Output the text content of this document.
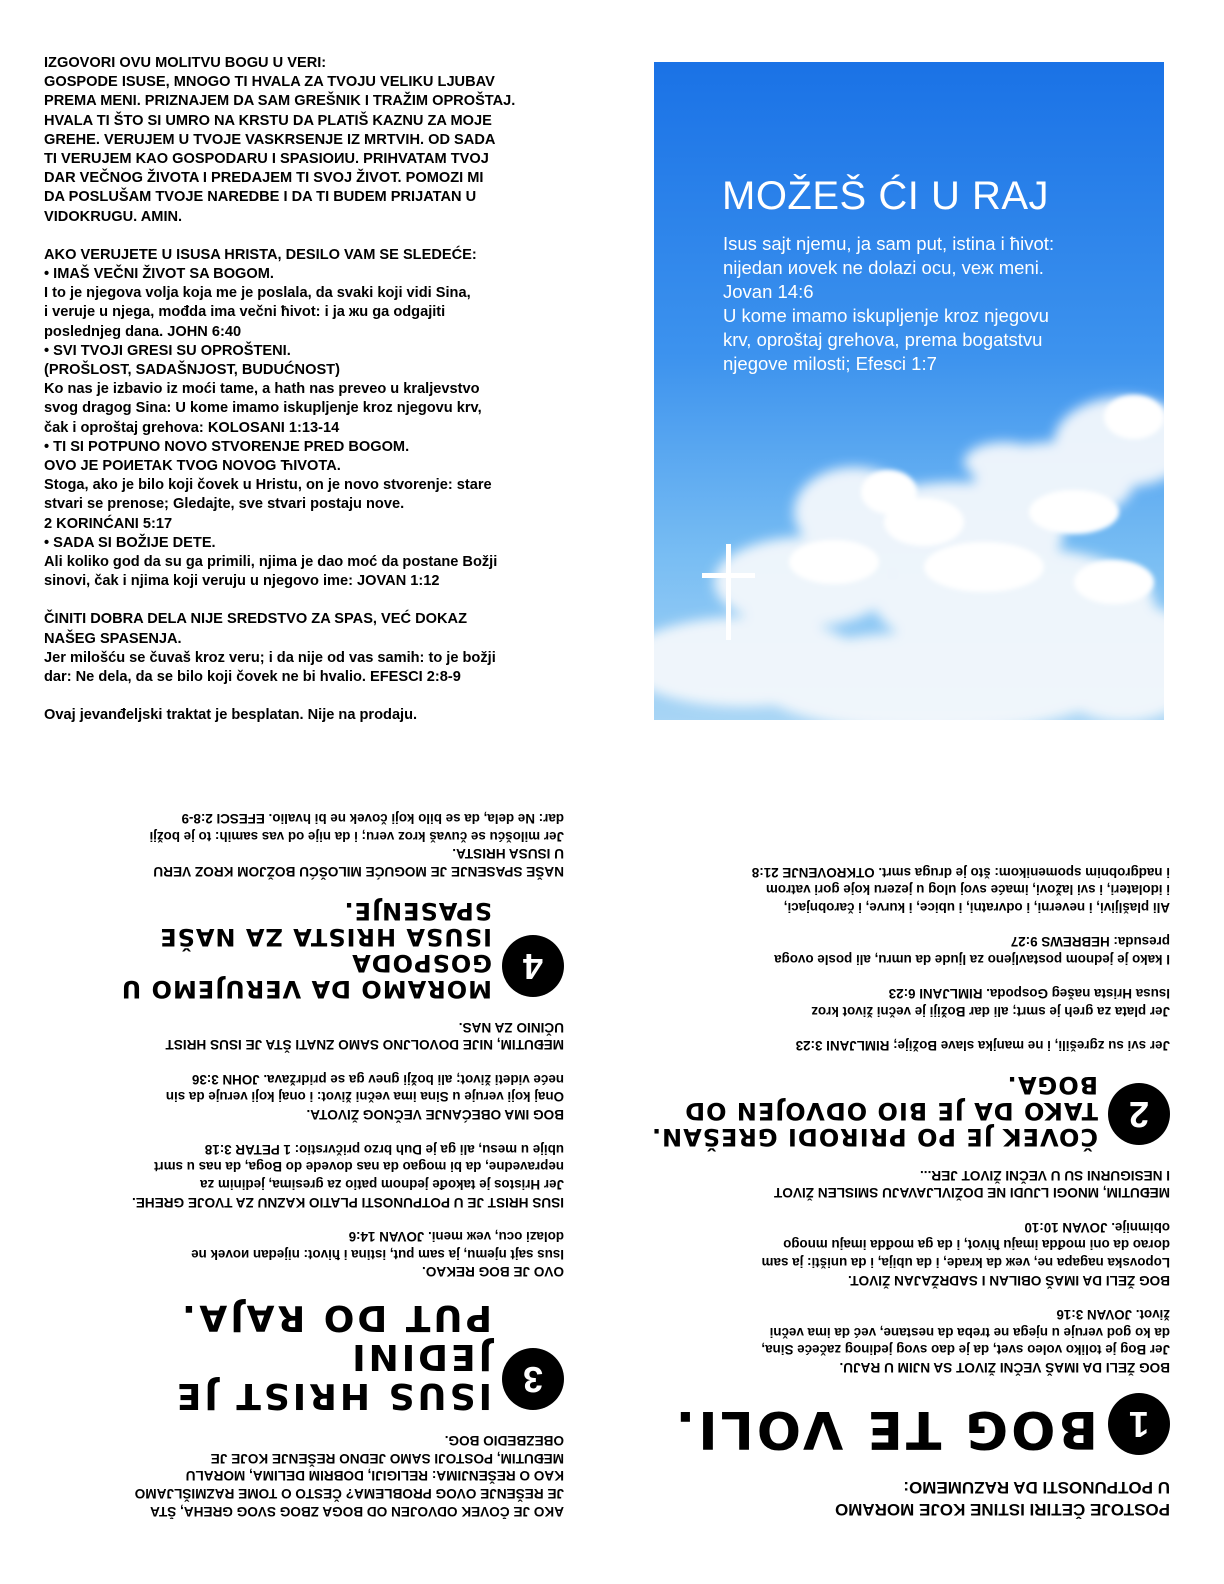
IZGOVORI OVU MOLITVU BOGU U VERI:

GOSPODE ISUSE, MNOGO TI HVALA ZA TVOJU VELIKU LJUBAV

PREMA MENI. PRIZNAJEM DA SAM GREŠNIK I TRAŽIM OPROŠTAJ.

HVALA TI ŠTO SI UMRO NA KRSTU DA PLATIŠ KAZNU ZA MOJE

GREHE. VERUJEM U TVOJE VASKRSENJE IZ MRTVIH. OD SADA

TI VERUJEM KAO GOSPODARU I SPASIOИU. PRIHVATAM TVOJ

DAR VEČNOG ŽIVOTA I PREDAJEM TI SVOJ ŽIVOT. POMOZI MI

DA POSLUŠAM TVOJE NAREDBE I DA TI BUDEM PRIJATAN U

VIDOKRUGU. AMIN.

AKO VERUJETE U ISUSA HRISTA, DESILO VAM SE SLEDEĆE:

• IMAŠ VEČNI ŽIVOT SA BOGOM.

I to je njegova volja koja me je poslala, da svaki koji vidi Sina,

i veruje u njega, mođda ima večni ћivot: i ja жu ga odgajiti

poslednjeg dana. JOHN 6:40

• SVI TVOJI GRESI SU OPROŠTENI.

(PROŠLOST, SADAŠNJOST, BUDUĆNOST)

Ko nas je izbavio iz moći tame, a hath nas preveo u kraljevstvo

svog dragog Sina: U kome imamo iskupljenje kroz njegovu krv,

čak i oproštaj grehova: KOLOSANI 1:13-14

• TI SI POTPUNO NOVO STVORENJE PRED BOGOM.

OVO JE POИETAK TVOG NOVOG ЋIVOTA.

Stoga, ako je bilo koji čovek u Hristu, on je novo stvorenje: stare

stvari se prenose; Gledajte, sve stvari postaju nove.

2 KORINĆANI 5:17

• SADA SI BOŽIJE DETE.

Ali koliko god da su ga primili, njima je dao moć da postane Božji

sinovi, čak i njima koji veruju u njegovo ime: JOVAN 1:12

ČINITI DOBRA DELA NIJE SREDSTVO ZA SPAS, VEĆ DOKAZ

NAŠEG SPASENJA.

Jer milošću se čuvaš kroz veru; i da nije od vas samih: to je božji

dar: Ne dela, da se bilo koji čovek ne bi hvalio. EFESCI 2:8-9

Ovaj jevanđeljski traktat je besplatan. Nije na prodaju.

MOŽEŠ ĆI U RAJ
Isus sajt njemu, ja sam put, istina i ћivot:
nijedan иovek ne dolazi ocu, veж meni.
Jovan 14:6
U kome imamo iskupljenje kroz njegovu
krv, oproštaj grehova, prema bogatstvu
njegove milosti; Efesci 1:7

POSTOJE ČETIRI ISTINE KOJE MORAMO

U POTPUNOSTI DA RAZUMEMO:

1
BOG TE VOLI.

BOG ŽELI DA IMAŠ VEČNI ŽIVOT SA NJIM U RAJU.

Jer Bog je toliko voleo svet, da je dao svog jedinog začeće Sina,

da ko god veruje u njega ne treba da nestane, već da ima večni

život. JOVAN 3:16

BOG ŽELI DA IMAŠ OBILAN I SADRŽAJAN ŽIVOT.

Lopovska nagapa ne, veж da krade, i da ubija, i da uništi: ja sam

dorao da oni mođda imaju ћivot, i da ga mođda imaju mnogo

obimnije. JOVAN 10:10

MEĐUTIM, MNOGI LJUDI NE DOŽIVLJAVAJU SMISLEN ŽIVOT

I NESIGURNI SU U VEČNI ŽIVOT JER...

2
ČOVEK JE PO PRIRODI GREŠAN.
TAKO DA JE BIO ODVOJEN OD BOGA.

Jer svi su zgrešili, i ne manjka slave Božije; RIMLJANI 3:23

Jer plata za greh je smrt; ali dar Božiji je večni život kroz

Isusa Hrista našeg Gospoda. RIMLJANI 6:23

I kako je jednom postavljeno za ljude da umru, ali posle ovoga

presuda: HEBREWS 9:27

Ali plašljivi, i neverni, i odvratni, i ubice, i kurve, i čarobnjaci,

i idolateri, i svi lažovi, imaće svoj ulog u jezeru koje gori vatrom

i nadgrobnim spomenikom: što je druga smrt. OTKROVENJE 21:8

AKO JE ČOVEK ODVOJEN OD BOGA ZBOG SVOG GREHA, ŠTA

JE REŠENJE OVOG PROBLEMA? ČESTO O TOME RAZMIŠLJAMO

KAO O REŠENJIMA: RELIGIJI, DOBRIM DELIMA, MORALU

MEĐUTIM, POSTOJI SAMO JEDNO REŠENJE KOJE JE

OBEZBEDIO BOG.

3
ISUS HRIST JE JEDINI
PUT DO RAJA.

OVO JE BOG REKAO.

Isus sajt njemu, ja sam put, istina i ћivot: nijedan иovek ne

dolazi ocu, veж meni. JOVAN 14:6

ISUS HRIST JE U POTPUNOSTI PLATIO KAZNU ZA TVOJE GREHE.

Jer Hristos je takođe jednom patio za gresima, jedinim za

nepravedne, da bi mogao da nas dovede do Boga, da nas u smrt

ubije u mesu, ali ga je Duh brzo pričvrstio: 1 PETAR 3:18

BOG IMA OBEĆANJE VEČNOG ŽIVOTA.

Onaj koji veruje u Sina ima večni život: i onaj koji veruje da sin

neće videti život; ali božji gnev ga se pridržava. JOHN 3:36

MEĐUTIM, NIJE DOVOLJNO SAMO ZNATI ŠTA JE ISUS HRIST

UČINIO ZA NAS.

4
MORAMO DA VERUJEMO U GOSPODA
ISUSA HRISTA ZA NAŠE SPASENJE.

NAŠE SPASENJE JE MOGUĆE MILOŠĆU BOŽJOM KROZ VERU

U ISUSA HRISTA.

Jer milošću se čuvaš kroz veru; i da nije od vas samih: to je božji

dar: Ne dela, da se bilo koji čovek ne bi hvalio. EFESCI 2:8-9
